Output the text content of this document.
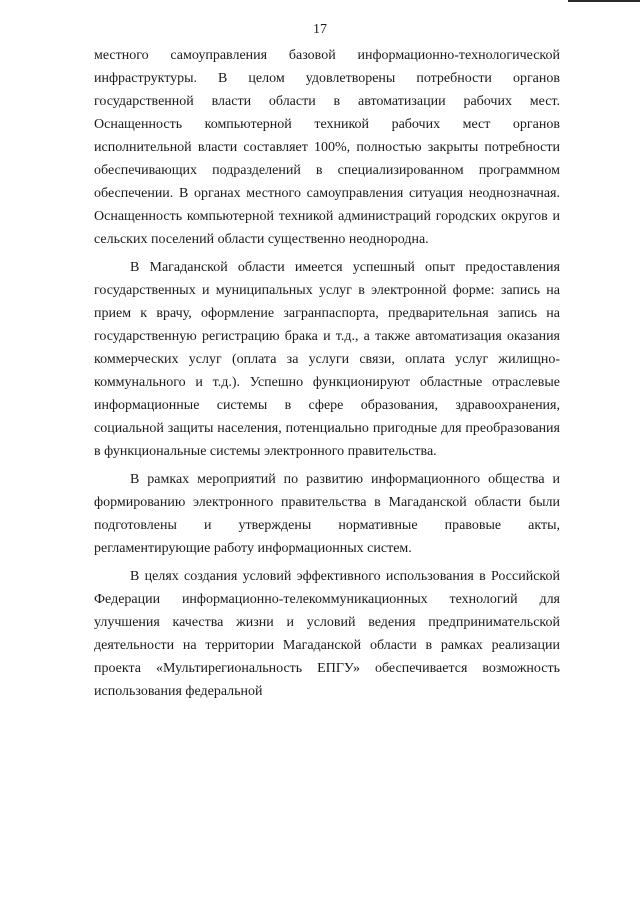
17

местного самоуправления базовой информационно-технологической инфраструктуры. В целом удовлетворены потребности органов государственной власти области в автоматизации рабочих мест. Оснащенность компьютерной техникой рабочих мест органов исполнительной власти составляет 100%, полностью закрыты потребности обеспечивающих подразделений в специализированном программном обеспечении. В органах местного самоуправления ситуация неоднозначная. Оснащенность компьютерной техникой администраций городских округов и сельских поселений области существенно неоднородна.

В Магаданской области имеется успешный опыт предоставления государственных и муниципальных услуг в электронной форме: запись на прием к врачу, оформление загранпаспорта, предварительная запись на государственную регистрацию брака и т.д., а также автоматизация оказания коммерческих услуг (оплата за услуги связи, оплата услуг жилищно-коммунального и т.д.). Успешно функционируют областные отраслевые информационные системы в сфере образования, здравоохранения, социальной защиты населения, потенциально пригодные для преобразования в функциональные системы электронного правительства.

В рамках мероприятий по развитию информационного общества и формированию электронного правительства в Магаданской области были подготовлены и утверждены нормативные правовые акты, регламентирующие работу информационных систем.

В целях создания условий эффективного использования в Российской Федерации информационно-телекоммуникационных технологий для улучшения качества жизни и условий ведения предпринимательской деятельности на территории Магаданской области в рамках реализации проекта «Мультирегиональность ЕПГУ» обеспечивается возможность использования федеральной
